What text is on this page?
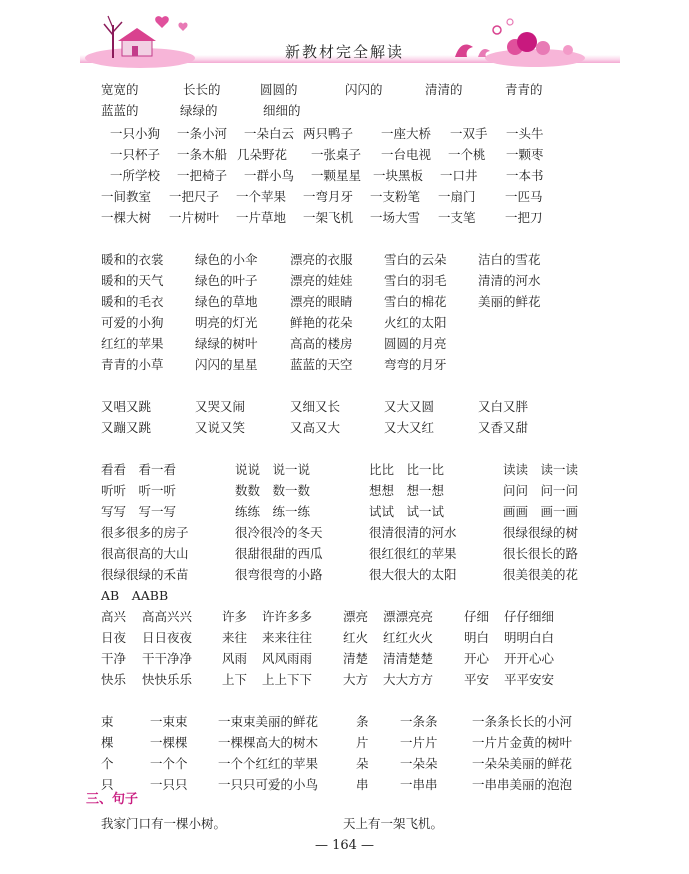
新教材完全解读
宽宽的	长长的	圆圆的	闪闪的	清清的	青青的
蓝蓝的	绿绿的	细细的
一只小狗 一条小河 一朵白云 两只鸭子 一座大桥 一双手 一头牛
一只杯子 一条木船 几朵野花 一张桌子 一台电视 一个桃 一颗枣
一所学校 一把椅子 一群小鸟 一颗星星 一块黑板 一口井 一本书
一间教室 一把尺子 一个苹果 一弯月牙 一支粉笔 一扇门 一匹马
一棵大树 一片树叶 一片草地 一架飞机 一场大雪 一支笔 一把刀
暖和的衣裳	绿色的小伞	漂亮的衣服	雪白的云朵	洁白的雪花
暖和的天气	绿色的叶子	漂亮的娃娃	雪白的羽毛	清清的河水
暖和的毛衣	绿色的草地	漂亮的眼睛	雪白的棉花	美丽的鲜花
可爱的小狗	明亮的灯光	鲜艳的花朵	火红的太阳
红红的苹果	绿绿的树叶	高高的楼房	圆圆的月亮
青青的小草	闪闪的星星	蓝蓝的天空	弯弯的月牙
又唱又跳	又哭又闹	又细又长	又大又圆	又白又胖
又蹦又跳	又说又笑	又高又大	又大又红	又香又甜
看看　看一看	说说　说一说	比比　比一比	读读　读一读
听听　听一听	数数　数一数	想想　想一想	问问　问一问
写写　写一写	练练　练一练	试试　试一试	画画　画一画
很多很多的房子	很冷很冷的冬天	很清很清的河水	很绿很绿的树
很高很高的大山	很甜很甜的西瓜	很红很红的苹果	很长很长的路
很绿很绿的禾苗	很弯很弯的小路	很大很大的太阳	很美很美的花
AB　AABB
高兴 高高兴兴 许多 许许多多 漂亮 漂漂亮亮 仔细 仔仔细细
日夜 日日夜夜 来往 来来往往 红火 红红火火 明白 明明白白
干净 干干净净 风雨 风风雨雨 清楚 清清楚楚 开心 开开心心
快乐 快快乐乐 上下 上上下下 大方 大大方方 平安 平平安安
束	一束束 一束束美丽的鲜花	条	一条条	一条条长长的小河
棵	一棵棵 一棵棵高大的树木	片	一片片	一片片金黄的树叶
个	一个个 一个个红红的苹果	朵	一朵朵	一朵朵美丽的鲜花
只	一只只 一只只可爱的小鸟	串	一串串	一串串美丽的泡泡
三、句子
我家门口有一棵小树。	天上有一架飞机。
— 164 —
